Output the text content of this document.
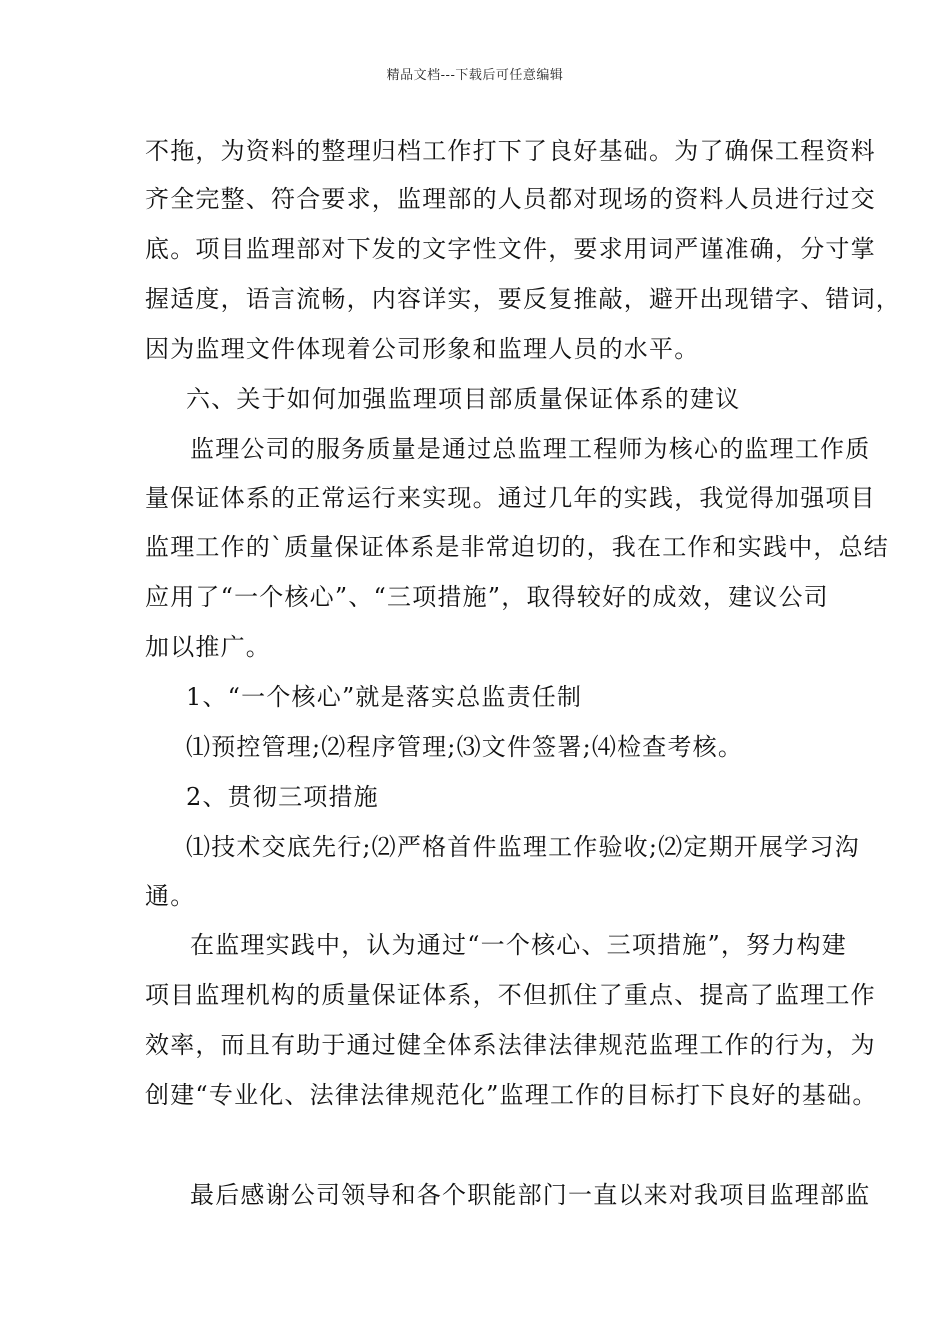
精品文档---下载后可任意编辑
不拖，为资料的整理归档工作打下了良好基础。为了确保工程资料
齐全完整、符合要求，监理部的人员都对现场的资料人员进行过交
底。项目监理部对下发的文字性文件，要求用词严谨准确，分寸掌
握适度，语言流畅，内容详实，要反复推敲，避开出现错字、错词，
因为监理文件体现着公司形象和监理人员的水平。
六、关于如何加强监理项目部质量保证体系的建议
监理公司的服务质量是通过总监理工程师为核心的监理工作质
量保证体系的正常运行来实现。通过几年的实践，我觉得加强项目
监理工作的`质量保证体系是非常迫切的，我在工作和实践中，总结
应用了“一个核心”、“三项措施”，取得较好的成效，建议公司
加以推广。
1、“一个核心”就是落实总监责任制
⑴预控管理;⑵程序管理;⑶文件签署;⑷检查考核。
2、贯彻三项措施
⑴技术交底先行;⑵严格首件监理工作验收;⑵定期开展学习沟
通。
在监理实践中，认为通过“一个核心、三项措施”，努力构建
项目监理机构的质量保证体系，不但抓住了重点、提高了监理工作
效率，而且有助于通过健全体系法律法律规范监理工作的行为，为
创建“专业化、法律法律规范化”监理工作的目标打下良好的基础。
最后感谢公司领导和各个职能部门一直以来对我项目监理部监
